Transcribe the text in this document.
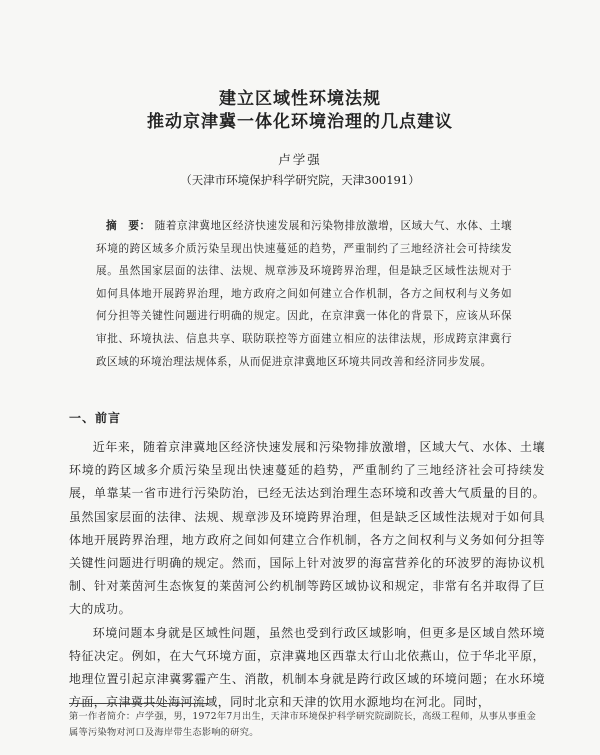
建立区域性环境法规
推动京津冀一体化环境治理的几点建议
卢学强
（天津市环境保护科学研究院，天津300191）
摘　要： 随着京津冀地区经济快速发展和污染物排放激增，区域大气、水体、土壤环境的跨区域多介质污染呈现出快速蔓延的趋势，严重制约了三地经济社会可持续发展。虽然国家层面的法律、法规、规章涉及环境跨界治理，但是缺乏区域性法规对于如何具体地开展跨界治理，地方政府之间如何建立合作机制，各方之间权利与义务如何分担等关键性问题进行明确的规定。因此，在京津冀一体化的背景下，应该从环保审批、环境执法、信息共享、联防联控等方面建立相应的法律法规，形成跨京津冀行政区域的环境治理法规体系，从而促进京津冀地区环境共同改善和经济同步发展。
一、前言

近年来，随着京津冀地区经济快速发展和污染物排放激增，区域大气、水体、土壤环境的跨区域多介质污染呈现出快速蔓延的趋势，严重制约了三地经济社会可持续发展，单靠某一省市进行污染防治，已经无法达到治理生态环境和改善大气质量的目的。虽然国家层面的法律、法规、规章涉及环境跨界治理，但是缺乏区域性法规对于如何具体地开展跨界治理，地方政府之间如何建立合作机制，各方之间权利与义务如何分担等关键性问题进行明确的规定。然而，国际上针对波罗的海富营养化的环波罗的海协议机制、针对莱茵河生态恢复的莱茵河公约机制等跨区域协议和规定，非常有名并取得了巨大的成功。

环境问题本身就是区域性问题，虽然也受到行政区域影响，但更多是区域自然环境特征决定。例如，在大气环境方面，京津冀地区西靠太行山北依燕山，位于华北平原，地理位置引起京津冀雾霾产生、消散，机制本身就是跨行政区域的环境问题；在水环境方面，京津冀共处海河流域，同时北京和天津的饮用水源地均在河北。同时，

第一作者简介：卢学强，男，1972年7月出生，天津市环境保护科学研究院副院长，高级工程师，从事从事重金属等污染物对河口及海岸带生态影响的研究。
